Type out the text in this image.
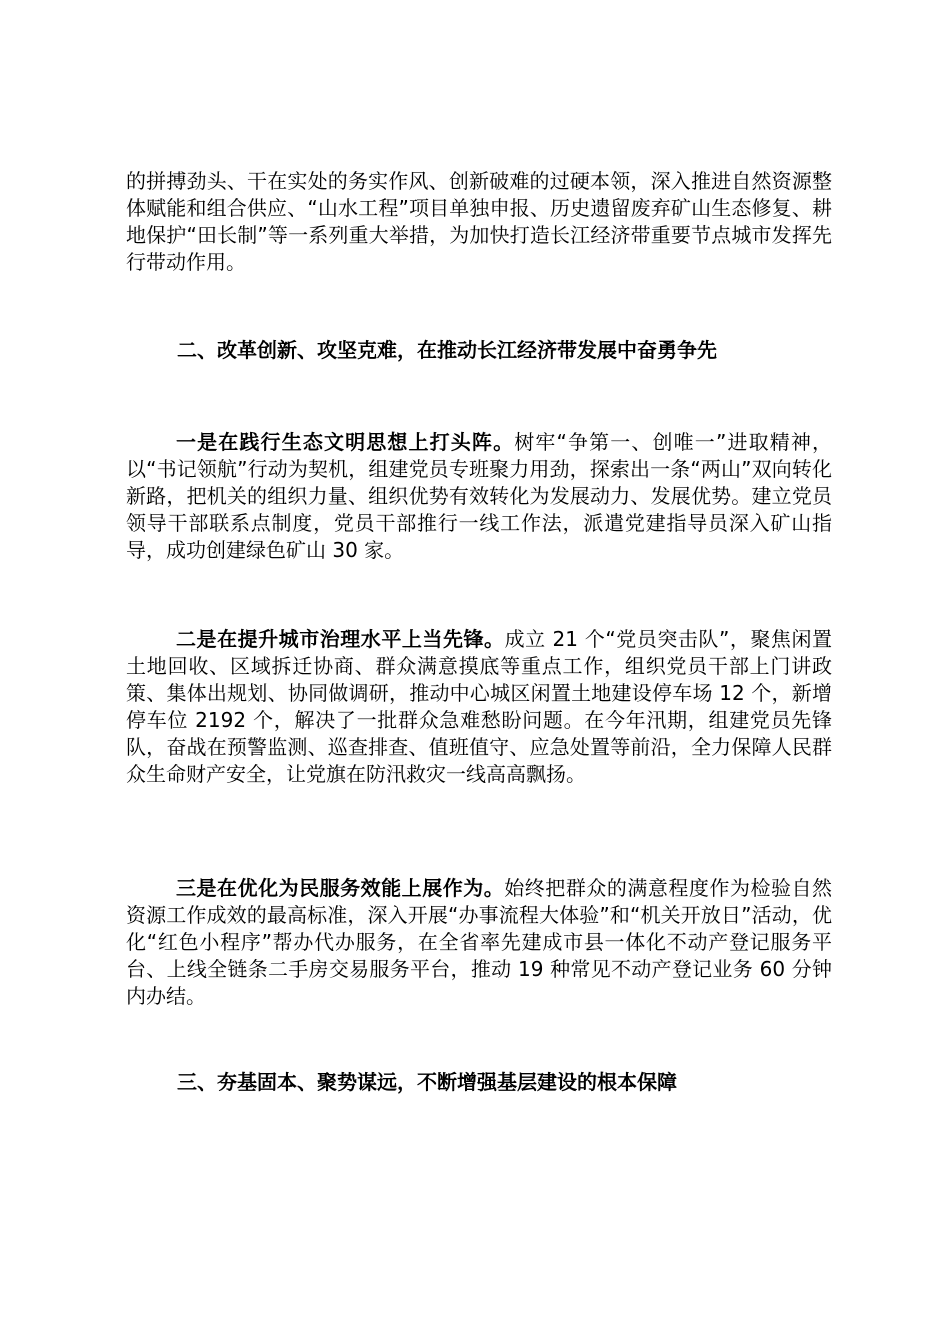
的拼搏劲头、干在实处的务实作风、创新破难的过硬本领，深入推进自然资源整体赋能和组合供应、“山水工程”项目单独申报、历史遗留废弃矿山生态修复、耕地保护“田长制”等一系列重大举措，为加快打造长江经济带重要节点城市发挥先行带动作用。

二、改革创新、攻坚克难，在推动长江经济带发展中奋勇争先

一是在践行生态文明思想上打头阵。树牢“争第一、创唯一”进取精神，以“书记领航”行动为契机，组建党员专班聚力用劲，探索出一条“两山”双向转化新路，把机关的组织力量、组织优势有效转化为发展动力、发展优势。建立党员领导干部联系点制度，党员干部推行一线工作法，派遣党建指导员深入矿山指导，成功创建绿色矿山 30 家。

二是在提升城市治理水平上当先锋。成立 21 个“党员突击队”，聚焦闲置土地回收、区域拆迁协商、群众满意摸底等重点工作，组织党员干部上门讲政策、集体出规划、协同做调研，推动中心城区闲置土地建设停车场 12 个，新增停车位 2192 个，解决了一批群众急难愁盼问题。在今年汛期，组建党员先锋队，奋战在预警监测、巡查排查、值班值守、应急处置等前沿，全力保障人民群众生命财产安全，让党旗在防汛救灾一线高高飘扬。

三是在优化为民服务效能上展作为。始终把群众的满意程度作为检验自然资源工作成效的最高标准，深入开展“办事流程大体验”和“机关开放日”活动，优化“红色小程序”帮办代办服务，在全省率先建成市县一体化不动产登记服务平台、上线全链条二手房交易服务平台，推动 19 种常见不动产登记业务 60 分钟内办结。

三、夯基固本、聚势谋远，不断增强基层建设的根本保障
